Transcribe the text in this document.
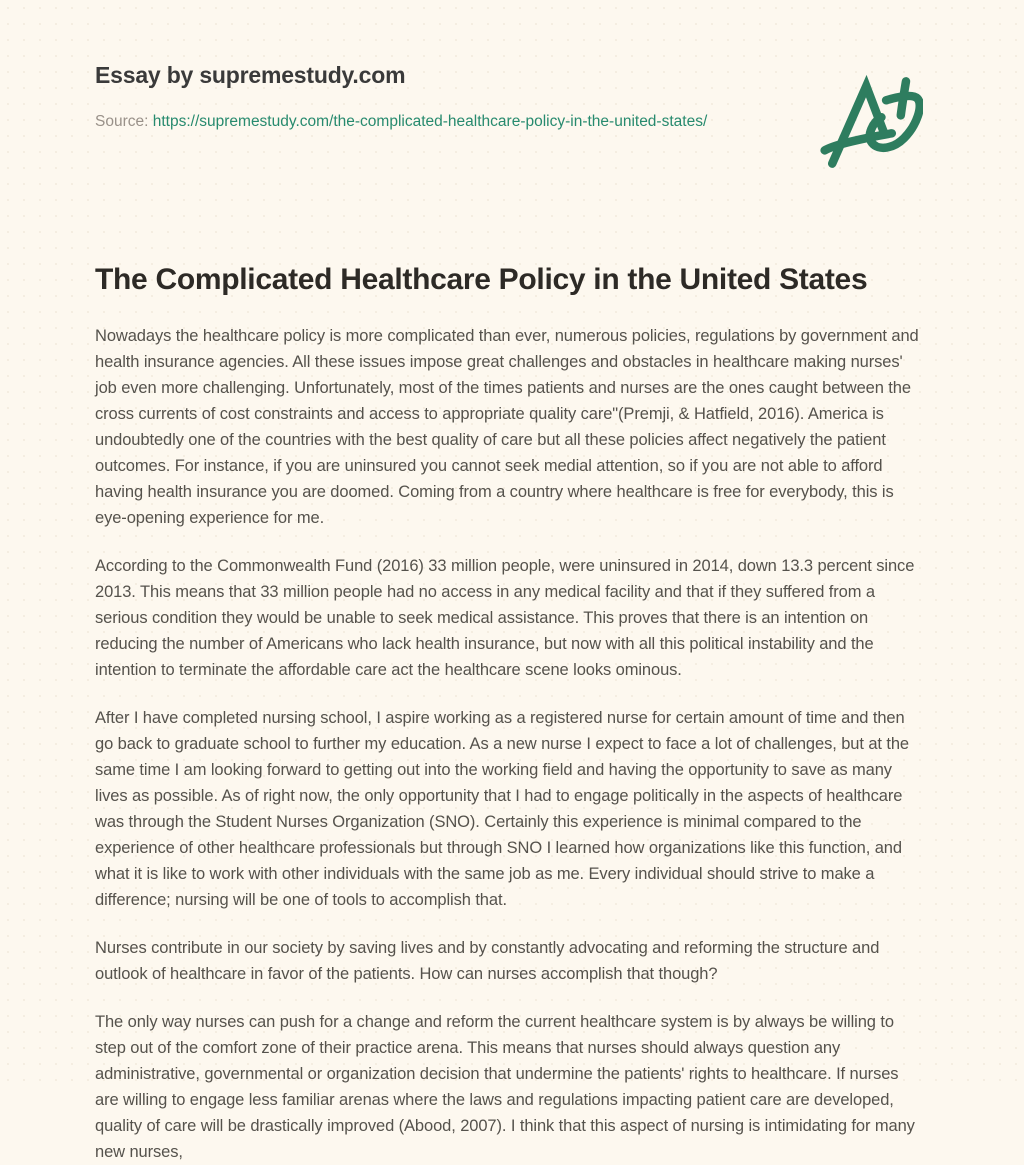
Essay by supremestudy.com
Source: https://supremestudy.com/the-complicated-healthcare-policy-in-the-united-states/
The Complicated Healthcare Policy in the United States

Nowadays the healthcare policy is more complicated than ever, numerous policies, regulations by government and health insurance agencies. All these issues impose great challenges and obstacles in healthcare making nurses' job even more challenging. Unfortunately, most of the times patients and nurses are the ones caught between the cross currents of cost constraints and access to appropriate quality care"(Premji, & Hatfield, 2016). America is undoubtedly one of the countries with the best quality of care but all these policies affect negatively the patient outcomes. For instance, if you are uninsured you cannot seek medial attention, so if you are not able to afford having health insurance you are doomed. Coming from a country where healthcare is free for everybody, this is eye-opening experience for me.

According to the Commonwealth Fund (2016) 33 million people, were uninsured in 2014, down 13.3 percent since 2013. This means that 33 million people had no access in any medical facility and that if they suffered from a serious condition they would be unable to seek medical assistance. This proves that there is an intention on reducing the number of Americans who lack health insurance, but now with all this political instability and the intention to terminate the affordable care act the healthcare scene looks ominous.

After I have completed nursing school, I aspire working as a registered nurse for certain amount of time and then go back to graduate school to further my education. As a new nurse I expect to face a lot of challenges, but at the same time I am looking forward to getting out into the working field and having the opportunity to save as many lives as possible. As of right now, the only opportunity that I had to engage politically in the aspects of healthcare was through the Student Nurses Organization (SNO). Certainly this experience is minimal compared to the experience of other healthcare professionals but through SNO I learned how organizations like this function, and what it is like to work with other individuals with the same job as me. Every individual should strive to make a difference; nursing will be one of tools to accomplish that.

Nurses contribute in our society by saving lives and by constantly advocating and reforming the structure and outlook of healthcare in favor of the patients. How can nurses accomplish that though?

The only way nurses can push for a change and reform the current healthcare system is by always be willing to step out of the comfort zone of their practice arena. This means that nurses should always question any administrative, governmental or organization decision that undermine the patients' rights to healthcare. If nurses are willing to engage less familiar arenas where the laws and regulations impacting patient care are developed, quality of care will be drastically improved (Abood, 2007). I think that this aspect of nursing is intimidating for many new nurses,
